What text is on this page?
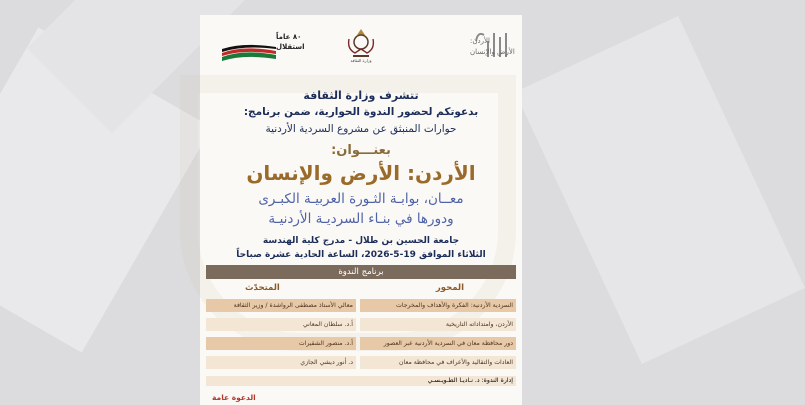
الأردن:
الأرض والإنسان
وزارة الثقافة
٨٠ عاماً
استقلال
تتشرف وزارة الثقافة
بدعوتكم لحضور الندوة الحوارية، ضمن برنامج:
حوارات المنبثق عن مشروع السردية الأردنية
بعنـــوان:
الأردن: الأرض والإنسان
معــان، بوابـة الثـورة العربيـة الكبـرى
ودورها في بنـاء السرديـة الأردنيـة
جامعة الحسين بن طلال - مدرج كلية الهندسة
الثلاثاء الموافق 19-5-2026، الساعة الحادية عشرة صباحاً
برنامج الندوة
المحور
المتحدّث
السردية الأردنية: الفكرة والأهداف والمخرجات
معالي الأستاذ مصطفى الرواشدة / وزير الثقافة
الأردن، وامتداداته التاريخية
أ.د. سلطان المعاني
دور محافظة معان في السردية الأردنية عبر العصور
أ.د. منصور الشقيرات
العادات والتقاليد والأعراف في محافظة معان
د. أنور ديشي الجازي
إدارة الندوة: د. نـاديـا الطـويـسـي
الدعوة عامة
